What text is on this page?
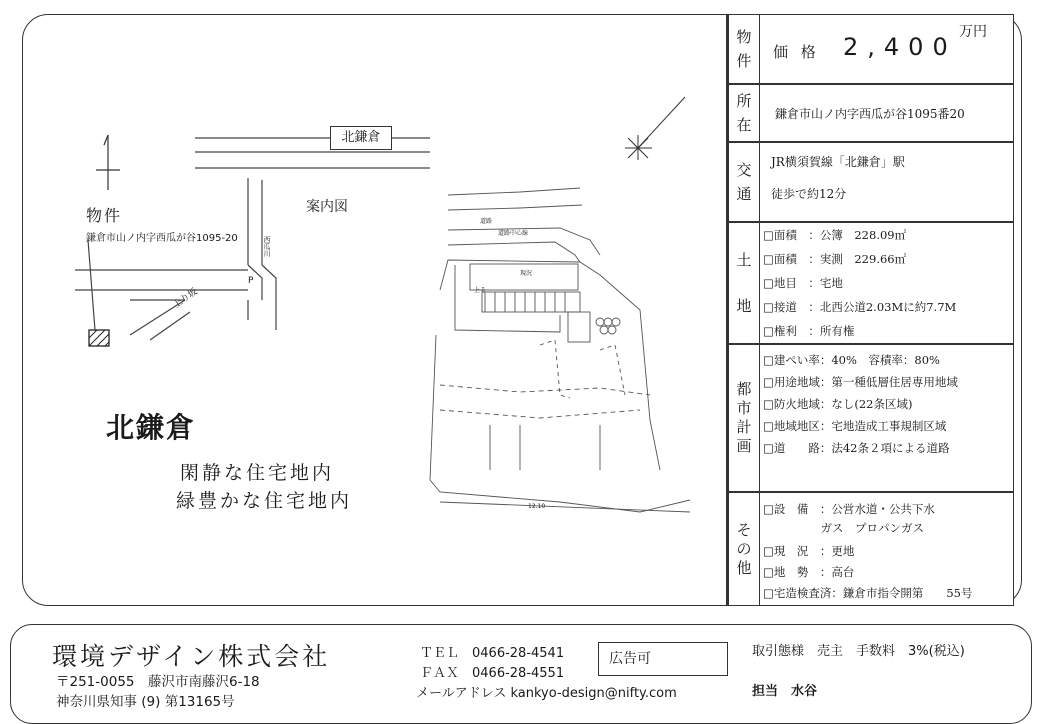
物
件 価 格 2,400
万円
所
在
鎌倉市山ノ内字西瓜が谷1095番20
交
通
JR横須賀線「北鎌倉」駅
徒歩で約12分
土
地
□面積　：公簿　228.09㎡
□面積　：実測　229.66㎡
□地目　：宅地
□接道　：北西公道2.03Mに約7.7M
□権利　：所有権
都
市
計
画
□建ぺい率：40%　容積率：80%
□用途地域：第一種低層住居専用地域
□防火地域：なし(22条区域)
□地域地区：宅地造成工事規制区域
□道　　路：法42条２項による道路
そ
の
他
□設　備　：公営水道・公共下水
　　　　　ガス　プロパンガス
□現　況　：更地
□地　勢　：高台
□宅造検査済：鎌倉市指令開第　　55号
北鎌倉
物件
鎌倉市山ノ内字西瓜が谷1095-20
案内図
上り坂
P
西瓜川
道路
道路中心線
現況
上る
12.10
北鎌倉
閑静な住宅地内
緑豊かな住宅地内
環境デザイン株式会社
〒251-0055　藤沢市南藤沢6-18
神奈川県知事 (9) 第13165号
ＴＥＬ　0466-28-4541
ＦＡＸ　0466-28-4551
メールアドレス kankyo-design@nifty.com
広告可	取引態様　売主　手数料　3%(税込)
担当　水谷
